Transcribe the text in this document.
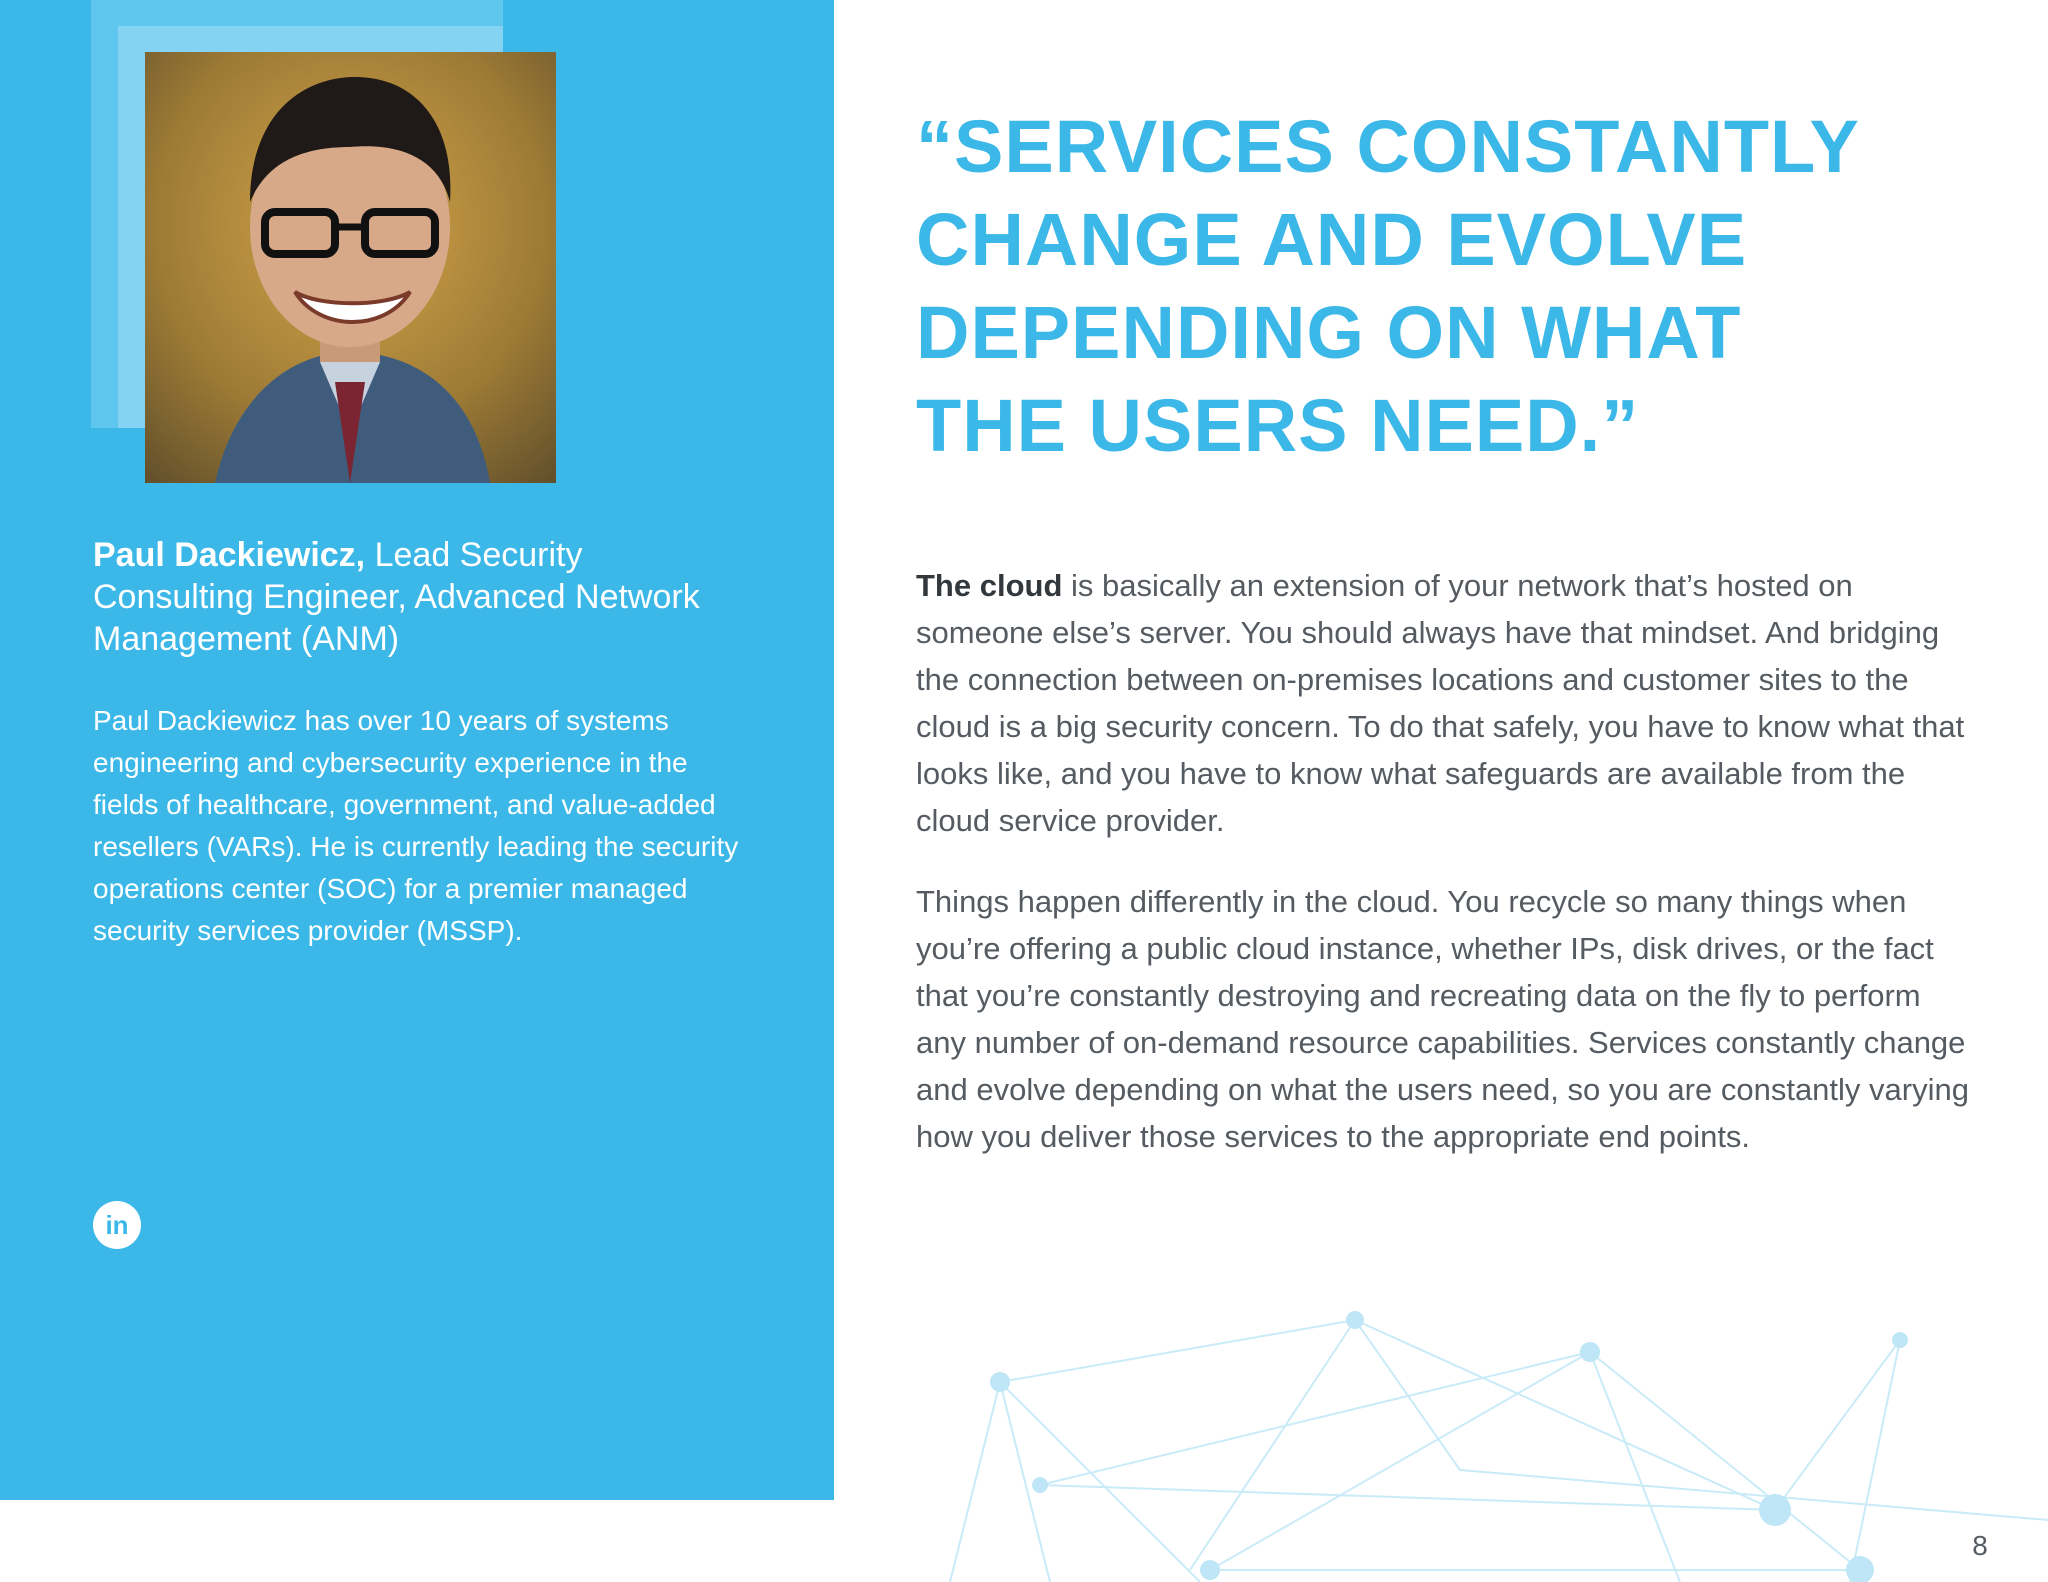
Paul Dackiewicz, Lead Security Consulting Engineer, Advanced Network Management (ANM)
Paul Dackiewicz has over 10 years of systems engineering and cybersecurity experience in the fields of healthcare, government, and value-added resellers (VARs). He is currently leading the security operations center (SOC) for a premier managed security services provider (MSSP).
in
“SERVICES CONSTANTLY
CHANGE AND EVOLVE
DEPENDING ON WHAT
THE USERS NEED.”
The cloud is basically an extension of your network that’s hosted on someone else’s server. You should always have that mindset. And bridging the connection between on-premises locations and customer sites to the cloud is a big security concern. To do that safely, you have to know what that looks like, and you have to know what safeguards are available from the cloud service provider.
Things happen differently in the cloud. You recycle so many things when you’re offering a public cloud instance, whether IPs, disk drives, or the fact that you’re constantly destroying and recreating data on the fly to perform any number of on-demand resource capabilities. Services constantly change and evolve depending on what the users need, so you are constantly varying how you deliver those services to the appropriate end points.
8
